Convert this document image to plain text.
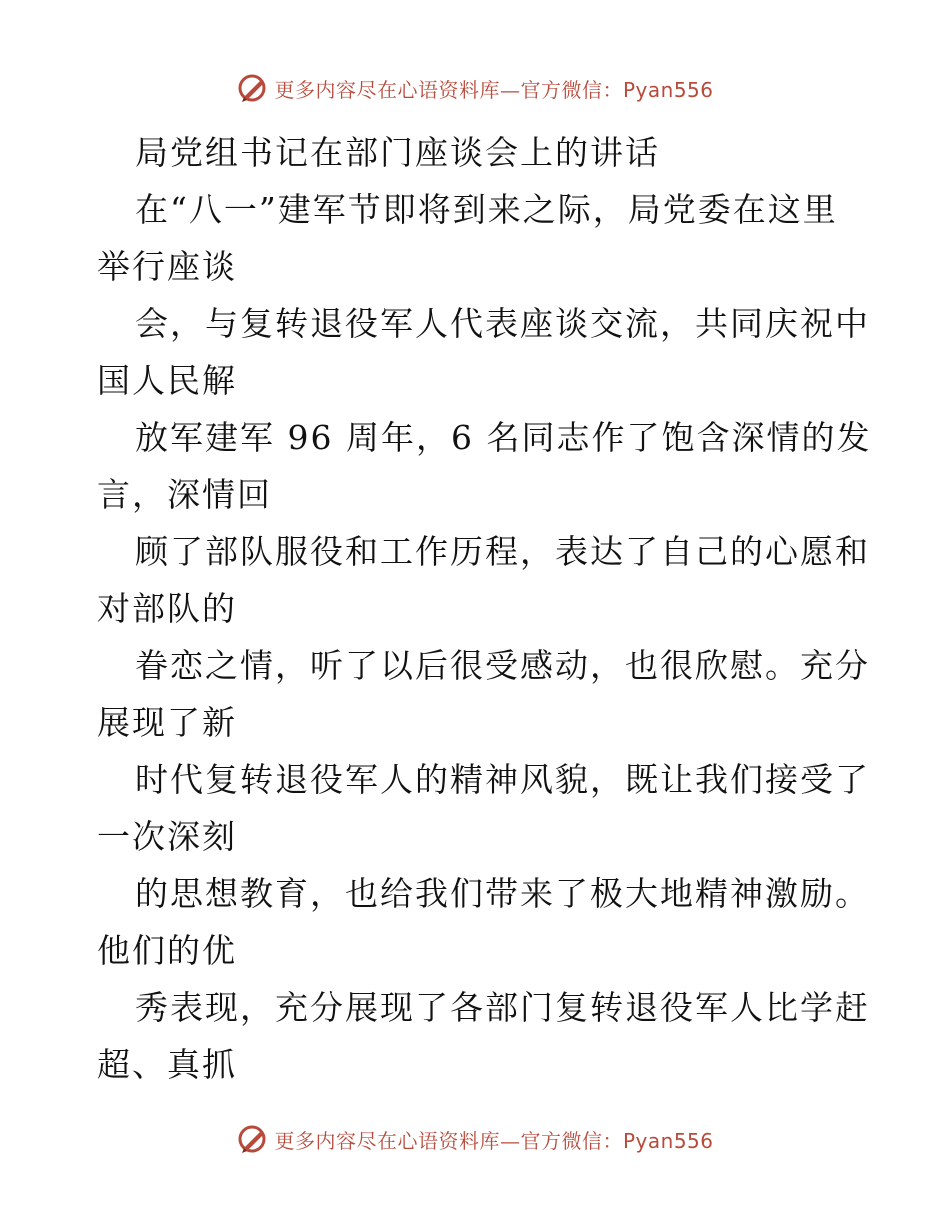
更多内容尽在心语资料库—官方微信：Pyan556
局党组书记在部门座谈会上的讲话
在“八一”建军节即将到来之际，局党委在这里
举行座谈
会，与复转退役军人代表座谈交流，共同庆祝中
国人民解
放军建军 96 周年，6 名同志作了饱含深情的发
言，深情回
顾了部队服役和工作历程，表达了自己的心愿和
对部队的
眷恋之情，听了以后很受感动，也很欣慰。充分
展现了新
时代复转退役军人的精神风貌，既让我们接受了
一次深刻
的思想教育，也给我们带来了极大地精神激励。
他们的优
秀表现，充分展现了各部门复转退役军人比学赶
超、真抓
更多内容尽在心语资料库—官方微信：Pyan556
